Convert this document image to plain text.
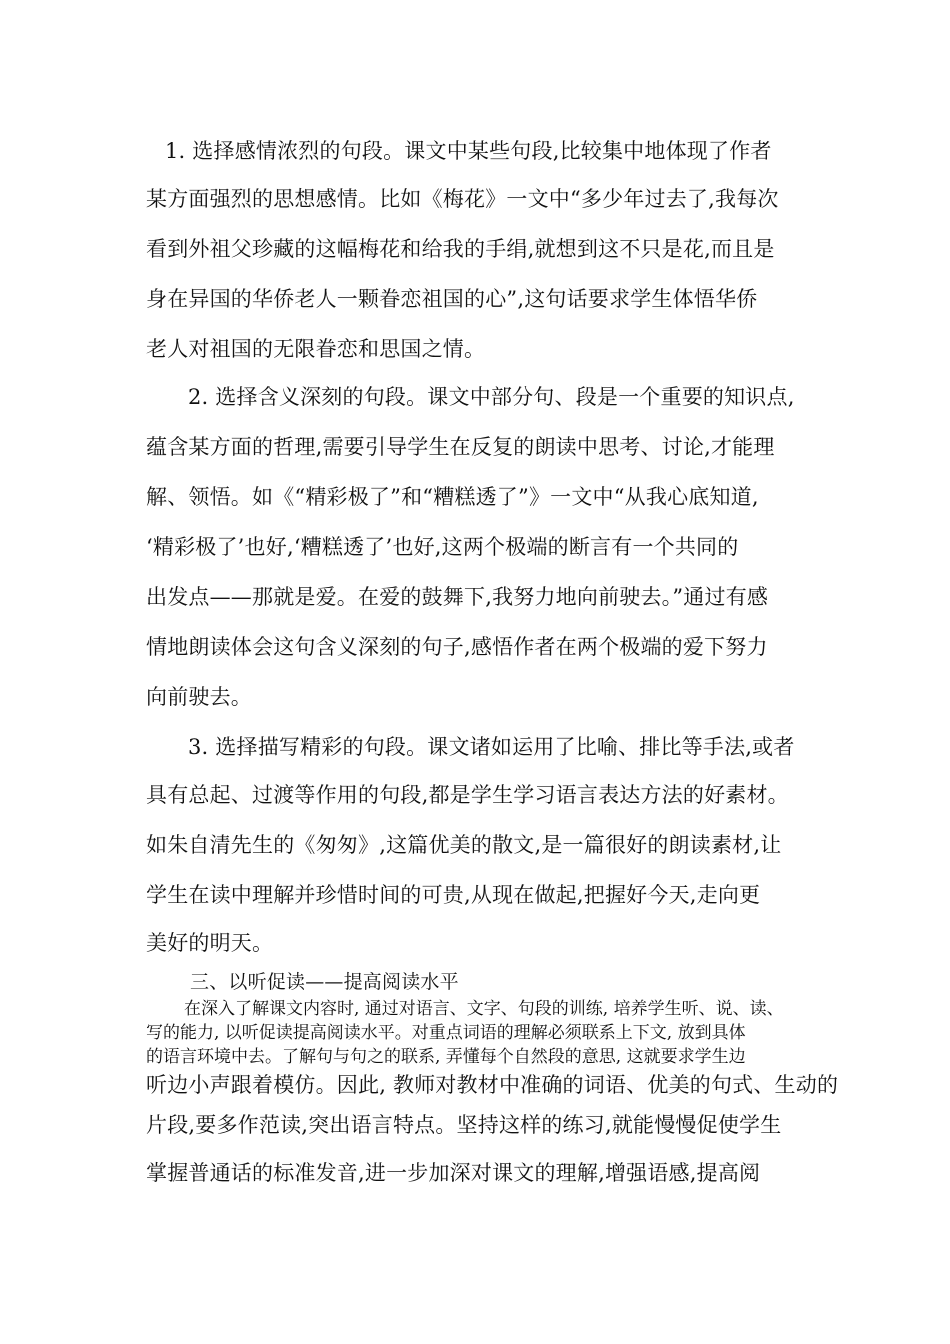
1. 选择感情浓烈的句段。课文中某些句段,比较集中地体现了作者
某方面强烈的思想感情。比如《梅花》一文中“多少年过去了,我每次
看到外祖父珍藏的这幅梅花和给我的手绢,就想到这不只是花,而且是
身在异国的华侨老人一颗眷恋祖国的心”,这句话要求学生体悟华侨
老人对祖国的无限眷恋和思国之情。
2. 选择含义深刻的句段。课文中部分句、段是一个重要的知识点,
蕴含某方面的哲理,需要引导学生在反复的朗读中思考、讨论,才能理
解、领悟。如《“精彩极了”和“糟糕透了”》一文中“从我心底知道,
‘精彩极了’也好,‘糟糕透了’也好,这两个极端的断言有一个共同的
出发点——那就是爱。在爱的鼓舞下,我努力地向前驶去。”通过有感
情地朗读体会这句含义深刻的句子,感悟作者在两个极端的爱下努力
向前驶去。
3. 选择描写精彩的句段。课文诸如运用了比喻、排比等手法,或者
具有总起、过渡等作用的句段,都是学生学习语言表达方法的好素材。
如朱自清先生的《匆匆》,这篇优美的散文,是一篇很好的朗读素材,让
学生在读中理解并珍惜时间的可贵,从现在做起,把握好今天,走向更
美好的明天。
三、以听促读——提高阅读水平
在深入了解课文内容时, 通过对语言、文字、句段的训练, 培养学生听、说、读、
写的能力, 以听促读提高阅读水平。对重点词语的理解必须联系上下文, 放到具体
的语言环境中去。了解句与句之的联系, 弄懂每个自然段的意思, 这就要求学生边
听边小声跟着模仿。因此, 教师对教材中准确的词语、优美的句式、生动的
片段,要多作范读,突出语言特点。坚持这样的练习,就能慢慢促使学生
掌握普通话的标准发音,进一步加深对课文的理解,增强语感,提高阅
